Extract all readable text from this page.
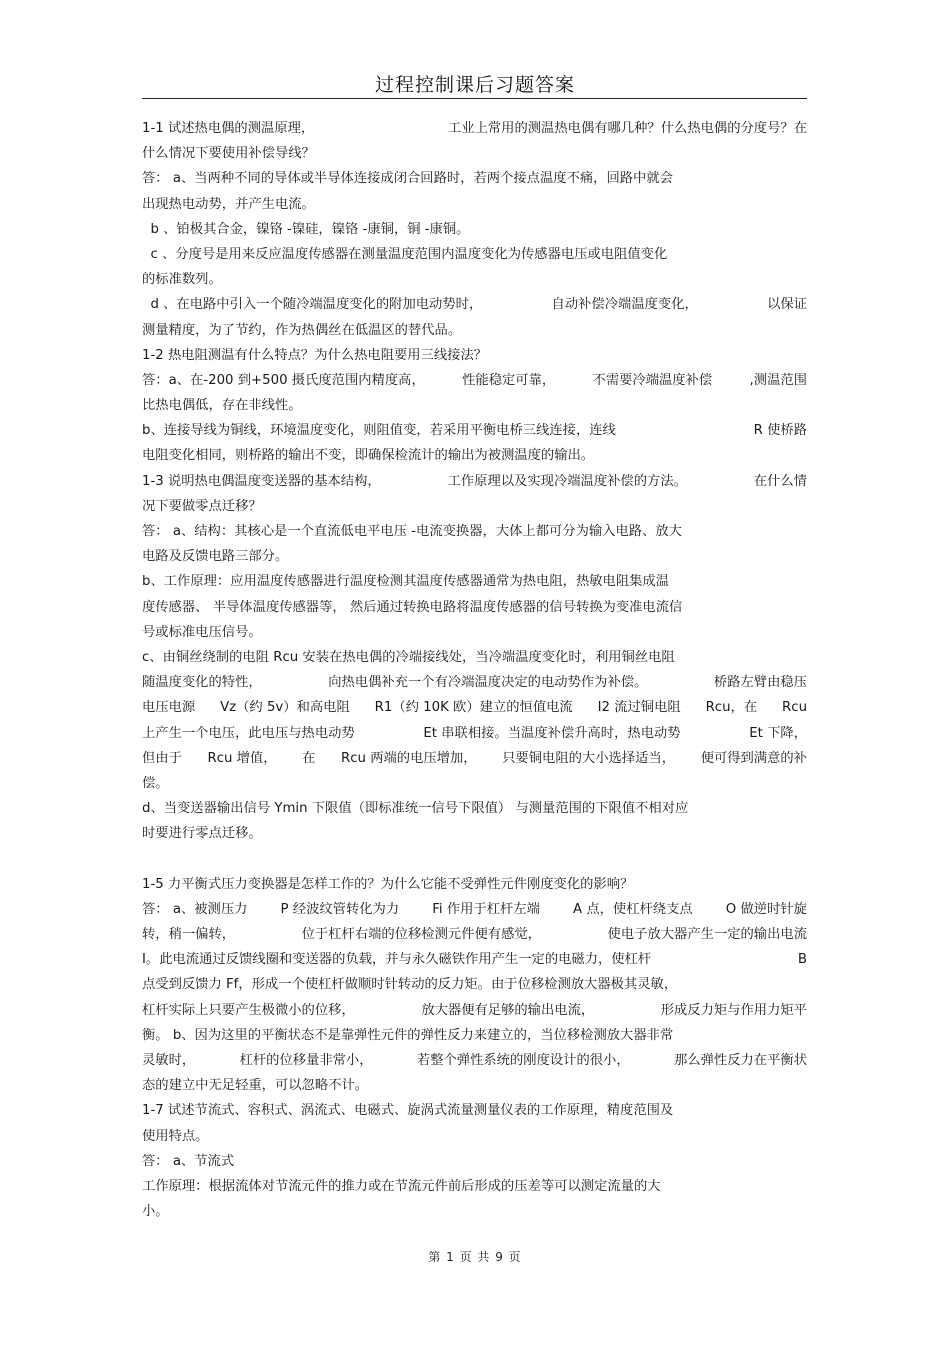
过程控制课后习题答案
1-1 试述热电偶的测温原理，	工业上常用的测温热电偶有哪几种？什么热电偶的分度号？在
什么情况下要使用补偿导线？
答： a、当两种不同的导体或半导体连接成闭合回路时，若两个接点温度不痛，回路中就会
出现热电动势，并产生电流。
b 、铂极其合金，镍铬 -镍硅，镍铬 -康铜，铜 -康铜。
c 、分度号是用来反应温度传感器在测量温度范围内温度变化为传感器电压或电阻值变化
的标准数列。
d 、在电路中引入一个随冷端温度变化的附加电动势时，	自动补偿冷端温度变化，	以保证
测量精度，为了节约，作为热偶丝在低温区的替代品。
1-2 热电阻测温有什么特点？为什么热电阻要用三线接法？
答：a、在-200 到+500 摄氏度范围内精度高，	性能稳定可靠，	不需要冷端温度补偿	,测温范围
比热电偶低，存在非线性。
b、连接导线为铜线，环境温度变化，则阻值变，若采用平衡电桥三线连接，连线	R 使桥路
电阻变化相同，则桥路的输出不变，即确保检流计的输出为被测温度的输出。
1-3 说明热电偶温度变送器的基本结构，	工作原理以及实现冷端温度补偿的方法。	在什么情
况下要做零点迁移？
答： a、结构：其核心是一个直流低电平电压 -电流变换器，大体上都可分为输入电路、放大
电路及反馈电路三部分。
b、工作原理：应用温度传感器进行温度检测其温度传感器通常为热电阻，热敏电阻集成温
度传感器、 半导体温度传感器等， 然后通过转换电路将温度传感器的信号转换为变准电流信
号或标准电压信号。
c、由铜丝绕制的电阻 Rcu 安装在热电偶的冷端接线处，当冷端温度变化时，利用铜丝电阻
随温度变化的特性，	向热电偶补充一个有冷端温度决定的电动势作为补偿。	桥路左臂由稳压
电压电源 Vz（约 5v）和高电阻 R1（约 10K 欧）建立的恒值电流 I2 流过铜电阻 Rcu，在 Rcu
上产生一个电压，此电压与热电动势	Et 串联相接。当温度补偿升高时，热电动势	Et 下降，
但由于 Rcu 增值， 在 Rcu 两端的电压增加， 只要铜电阻的大小选择适当， 便可得到满意的补
偿。
d、当变送器输出信号 Ymin 下限值（即标准统一信号下限值） 与测量范围的下限值不相对应
时要进行零点迁移。
1-5 力平衡式压力变换器是怎样工作的？为什么它能不受弹性元件刚度变化的影响？
答： a、被测压力 P 经波纹管转化为力 Fi 作用于杠杆左端 A 点，使杠杆绕支点 O 做逆时针旋
转，稍一偏转，	位于杠杆右端的位移检测元件便有感觉，	使电子放大器产生一定的输出电流
I。此电流通过反馈线圈和变送器的负载，并与永久磁铁作用产生一定的电磁力，使杠杆	B
点受到反馈力 Ff，形成一个使杠杆做顺时针转动的反力矩。由于位移检测放大器极其灵敏，
杠杆实际上只要产生极微小的位移，	放大器便有足够的输出电流，	形成反力矩与作用力矩平
衡。 b、因为这里的平衡状态不是靠弹性元件的弹性反力来建立的，当位移检测放大器非常
灵敏时，	杠杆的位移量非常小，	若整个弹性系统的刚度设计的很小，	那么弹性反力在平衡状
态的建立中无足轻重，可以忽略不计。
1-7 试述节流式、容积式、涡流式、电磁式、旋涡式流量测量仪表的工作原理，精度范围及
使用特点。
答： a、节流式
工作原理：根据流体对节流元件的推力或在节流元件前后形成的压差等可以测定流量的大
小。
第 1 页 共 9 页
